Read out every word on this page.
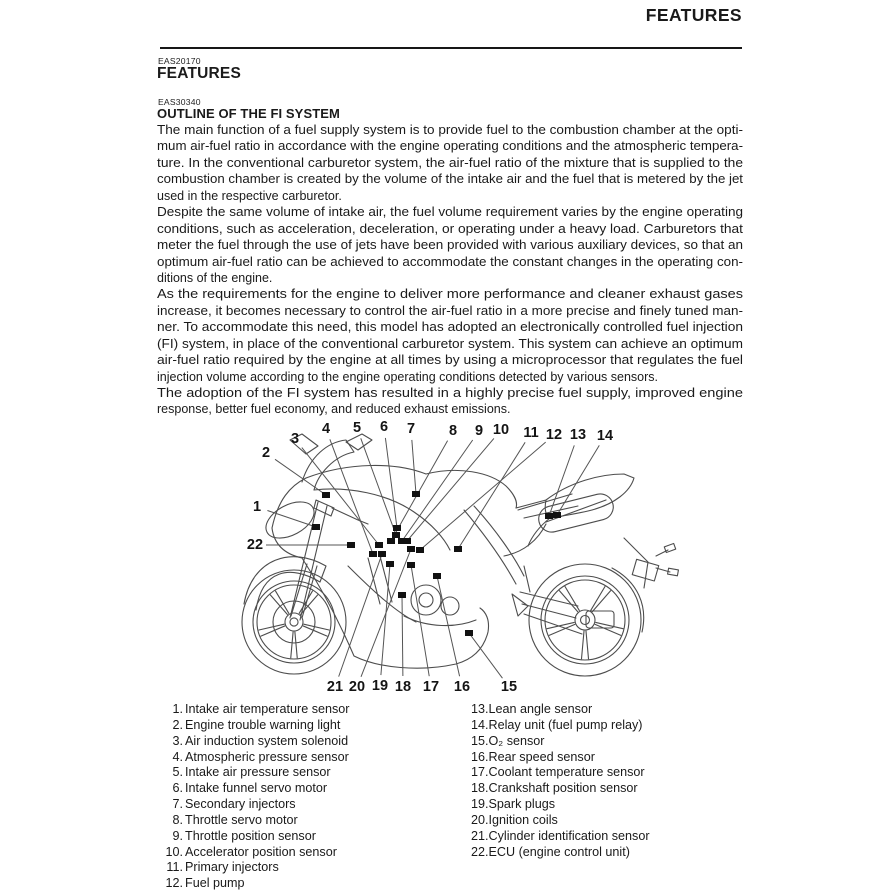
FEATURES
EAS20170
FEATURES
EAS30340
OUTLINE OF THE FI SYSTEM
The main function of a fuel supply system is to provide fuel to the combustion chamber at the opti-
mum air-fuel ratio in accordance with the engine operating conditions and the atmospheric tempera-
ture. In the conventional carburetor system, the air-fuel ratio of the mixture that is supplied to the
combustion chamber is created by the volume of the intake air and the fuel that is metered by the jet
used in the respective carburetor.
Despite the same volume of intake air, the fuel volume requirement varies by the engine operating
conditions, such as acceleration, deceleration, or operating under a heavy load. Carburetors that
meter the fuel through the use of jets have been provided with various auxiliary devices, so that an
optimum air-fuel ratio can be achieved to accommodate the constant changes in the operating con-
ditions of the engine.
As the requirements for the engine to deliver more performance and cleaner exhaust gases
increase, it becomes necessary to control the air-fuel ratio in a more precise and finely tuned man-
ner. To accommodate this need, this model has adopted an electronically controlled fuel injection
(FI) system, in place of the conventional carburetor system. This system can achieve an optimum
air-fuel ratio required by the engine at all times by using a microprocessor that regulates the fuel
injection volume according to the engine operating conditions detected by various sensors.
The adoption of the FI system has resulted in a highly precise fuel supply, improved engine
response, better fuel economy, and reduced exhaust emissions.
1
2
3
4 5 6 7 8 9 10 11 12 13 14
15
16
17
18
19
20
21
22
1. Intake air temperature sensor
2. Engine trouble warning light
3. Air induction system solenoid
4. Atmospheric pressure sensor
5. Intake air pressure sensor
6. Intake funnel servo motor
7. Secondary injectors
8. Throttle servo motor
9. Throttle position sensor
10. Accelerator position sensor
11. Primary injectors
12. Fuel pump
13. Lean angle sensor
14. Relay unit (fuel pump relay)
15. O₂ sensor
16. Rear speed sensor
17. Coolant temperature sensor
18. Crankshaft position sensor
19. Spark plugs
20. Ignition coils
21. Cylinder identification sensor
22. ECU (engine control unit)
